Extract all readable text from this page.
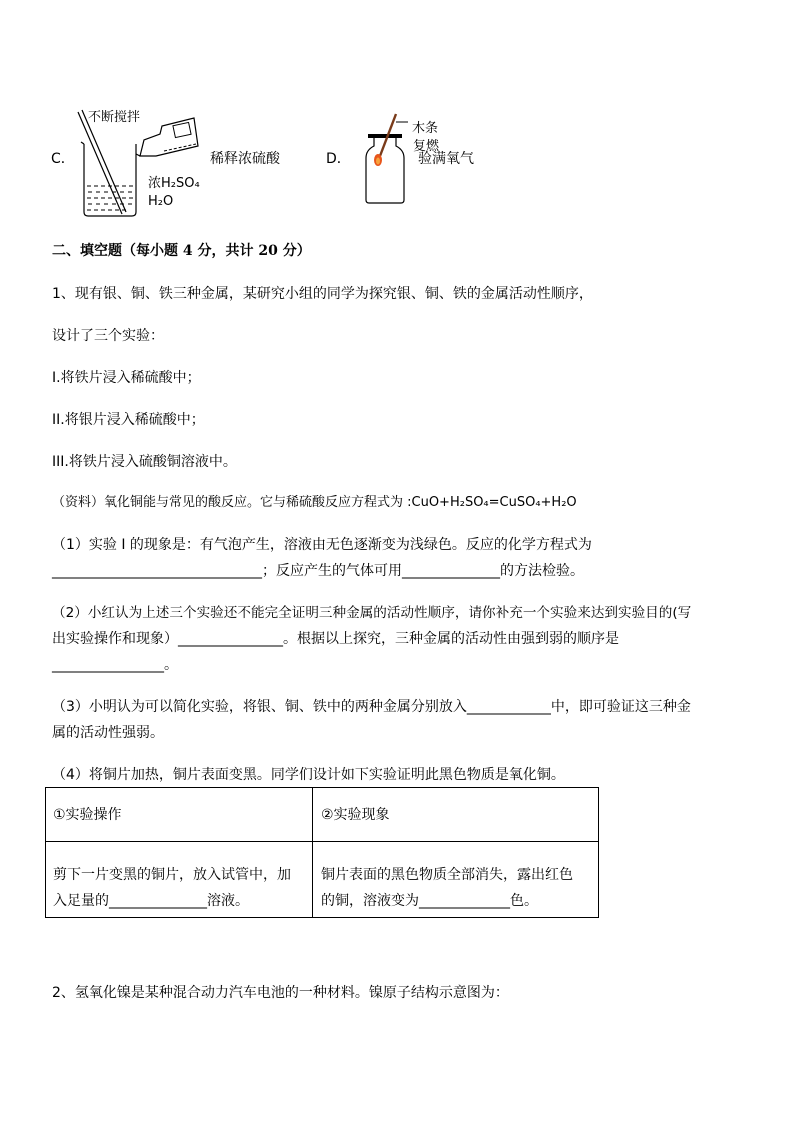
C．
不断搅拌
稀释浓硫酸
浓H₂SO₄
H₂O
D．
木条
复燃
验满氧气
二、填空题（每小题 4 分，共计 20 分）
1、现有银、铜、铁三种金属，某研究小组的同学为探究银、铜、铁的金属活动性顺序，
设计了三个实验：
I.将铁片浸入稀硫酸中；
II.将银片浸入稀硫酸中；
III.将铁片浸入硫酸铜溶液中。
（资料）氧化铜能与常见的酸反应。它与稀硫酸反应方程式为 :CuO+H₂SO₄=CuSO₄+H₂O
（1）实验 I 的现象是：有气泡产生，溶液由无色逐渐变为浅绿色。反应的化学方程式为
______________________________；反应产生的气体可用______________的方法检验。
（2）小红认为上述三个实验还不能完全证明三种金属的活动性顺序，请你补充一个实验来达到实验目的(写
出实验操作和现象）_______________。根据以上探究，三种金属的活动性由强到弱的顺序是
________________。
（3）小明认为可以简化实验，将银、铜、铁中的两种金属分别放入____________中，即可验证这三种金
属的活动性强弱。
（4）将铜片加热，铜片表面变黑。同学们设计如下实验证明此黑色物质是氧化铜。
①实验操作	②实验现象
剪下一片变黑的铜片，放入试管中，加
入足量的______________溶液。
铜片表面的黑色物质全部消失，露出红色
的铜，溶液变为_____________色。
2、氢氧化镍是某种混合动力汽车电池的一种材料。镍原子结构示意图为：
